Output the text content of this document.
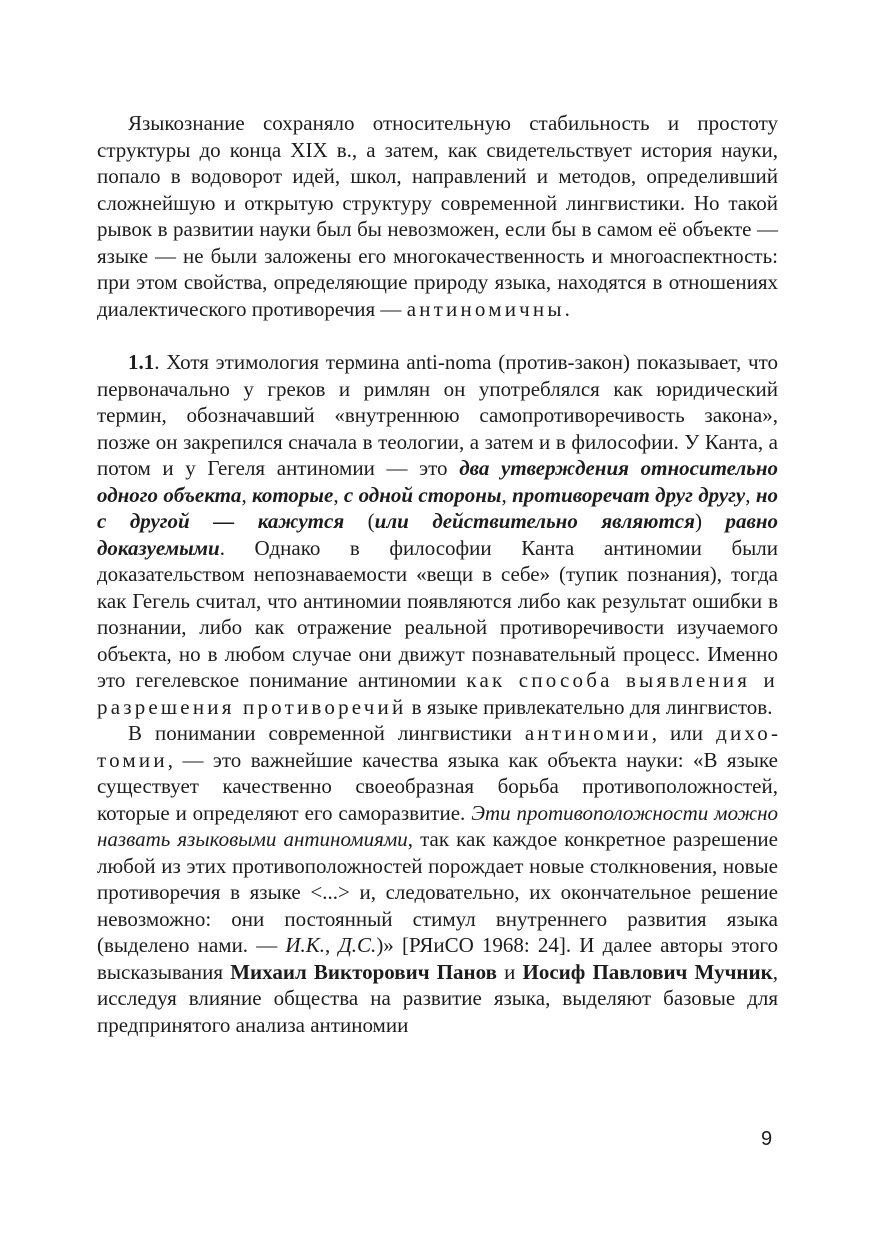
Языкознание сохраняло относительную стабильность и простоту структуры до конца XIX в., а затем, как свидетельствует история науки, попало в водоворот идей, школ, направлений и методов, определивший сложнейшую и открытую структуру современной лингвистики. Но такой рывок в развитии науки был бы невозможен, если бы в самом её объекте — языке — не были заложены его многокачественность и многоаспектность: при этом свойства, определяющие природу языка, находятся в отношениях диалектического противоречия — антиномичны.

1.1. Хотя этимология термина anti-noma (против-закон) показывает, что первоначально у греков и римлян он употреблялся как юридический термин, обозначавший «внутреннюю самопротиворечивость закона», позже он закрепился сначала в теологии, а затем и в философии. У Канта, а потом и у Гегеля антиномии — это два утверждения относительно одного объекта, которые, с одной стороны, противоречат друг другу, но с другой — кажутся (или действительно являются) равно доказуемыми. Однако в философии Канта антиномии были доказательством непознаваемости «вещи в себе» (тупик познания), тогда как Гегель считал, что антиномии появляются либо как результат ошибки в познании, либо как отражение реальной противоречивости изучаемого объекта, но в любом случае они движут познавательный процесс. Именно это гегелевское понимание антиномии как способа выявления и разрешения противоречий в языке привлекательно для лингвистов.

В понимании современной лингвистики антиномии, или дихотомии, — это важнейшие качества языка как объекта науки: «В языке существует качественно своеобразная борьба противоположностей, которые и определяют его саморазвитие. Эти противоположности можно назвать языковыми антиномиями, так как каждое конкретное разрешение любой из этих противоположностей порождает новые столкновения, новые противоречия в языке <...> и, следовательно, их окончательное решение невозможно: они постоянный стимул внутреннего развития языка (выделено нами. — И.К., Д.С.)» [РЯиСО 1968: 24]. И далее авторы этого высказывания Михаил Викторович Панов и Иосиф Павлович Мучник, исследуя влияние общества на развитие языка, выделяют базовые для предпринятого анализа антиномии

9
